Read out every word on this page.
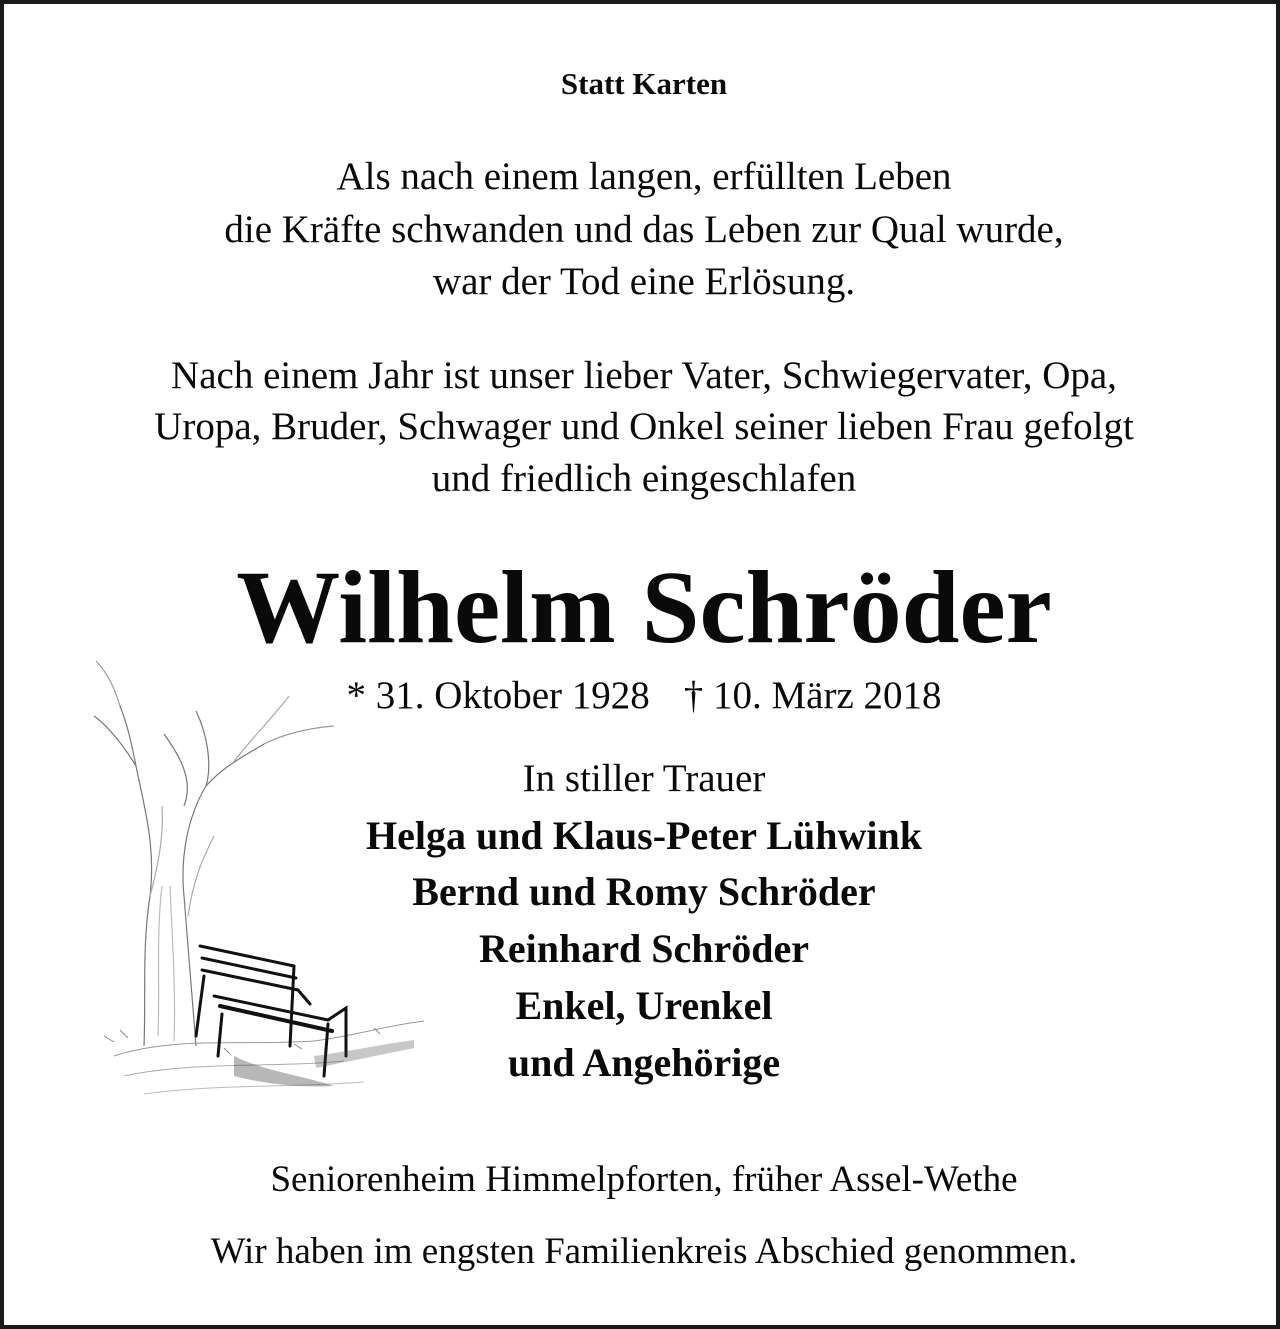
Statt Karten
Als nach einem langen, erfüllten Leben
die Kräfte schwanden und das Leben zur Qual wurde,
war der Tod eine Erlösung.
Nach einem Jahr ist unser lieber Vater, Schwiegervater, Opa,
Uropa, Bruder, Schwager und Onkel seiner lieben Frau gefolgt
und friedlich eingeschlafen
Wilhelm Schröder
* 31. Oktober 1928 † 10. März 2018
In stiller Trauer
Helga und Klaus-Peter Lühwink
Bernd und Romy Schröder
Reinhard Schröder
Enkel, Urenkel
und Angehörige
Seniorenheim Himmelpforten, früher Assel-Wethe
Wir haben im engsten Familienkreis Abschied genommen.
